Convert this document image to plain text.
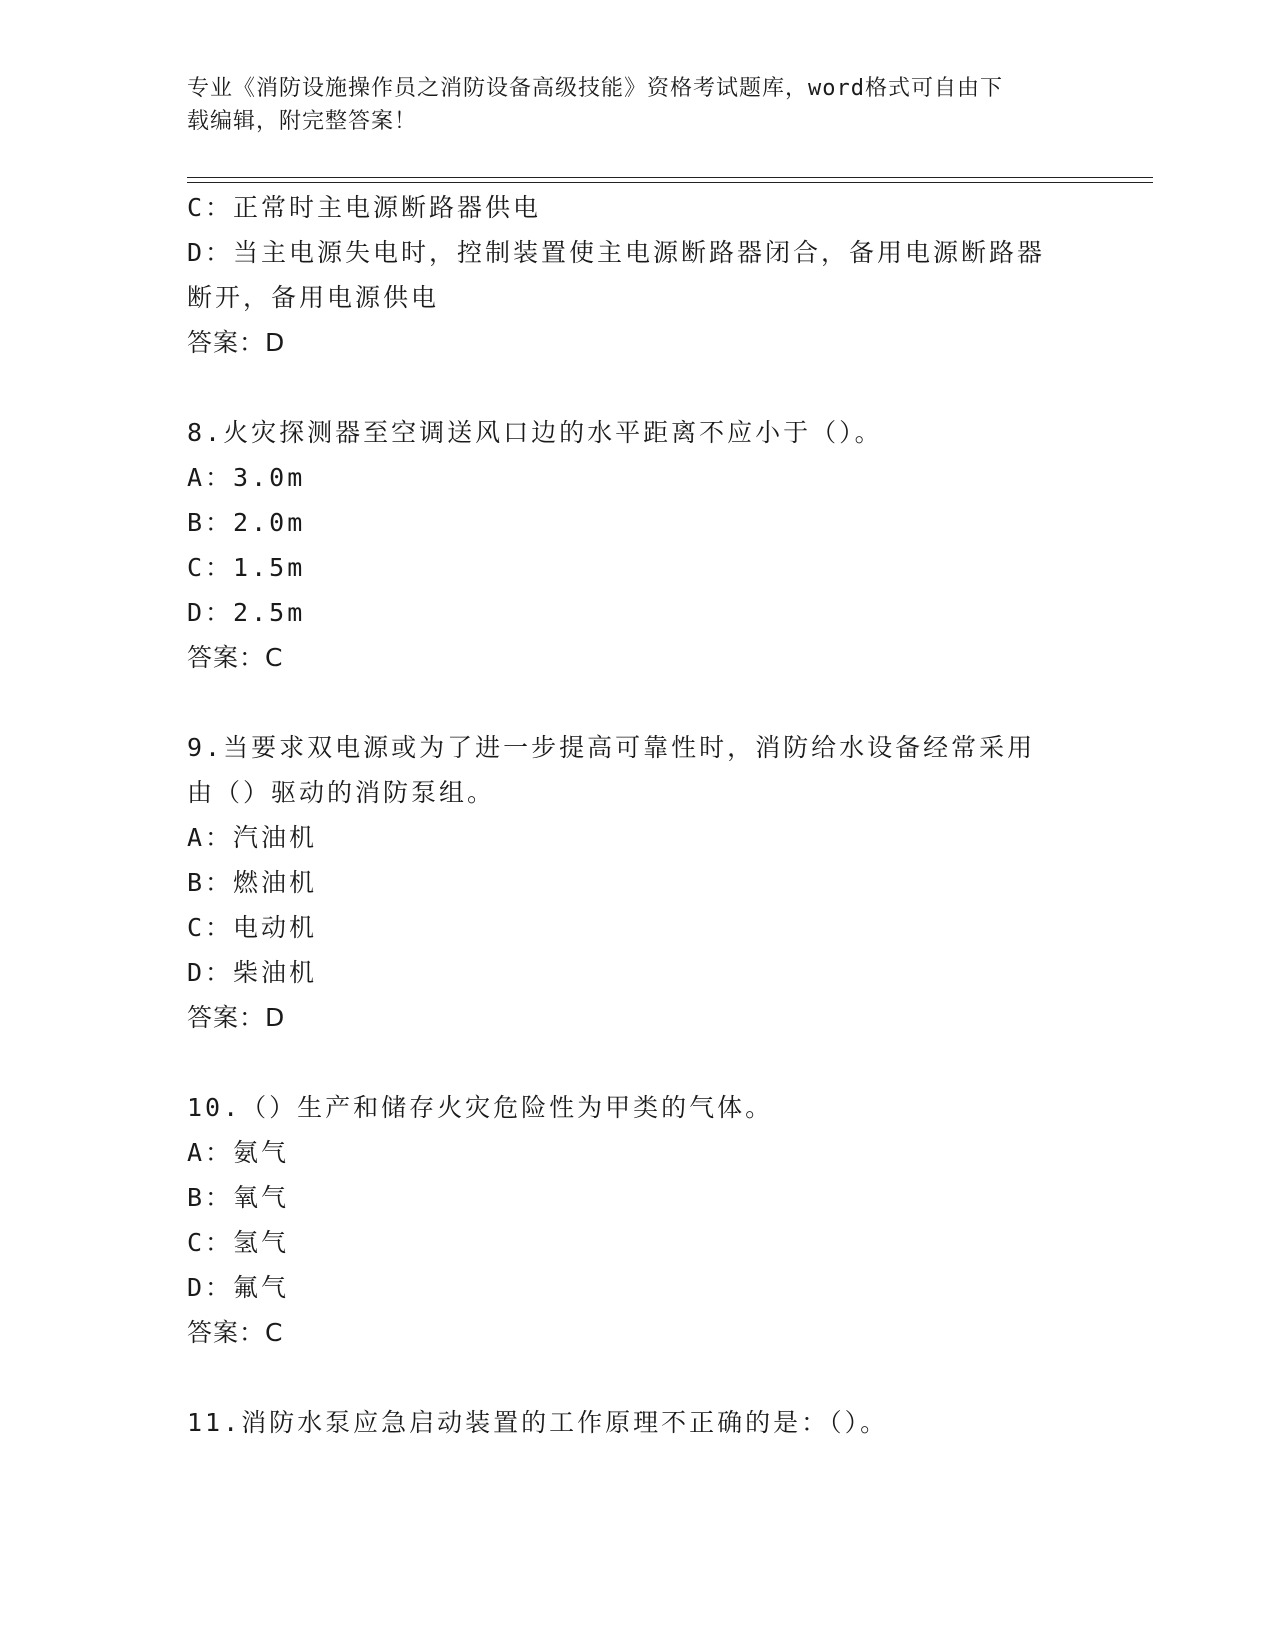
专业《消防设施操作员之消防设备高级技能》资格考试题库，word格式可自由下
载编辑，附完整答案！
C：正常时主电源断路器供电
D：当主电源失电时，控制装置使主电源断路器闭合，备用电源断路器
断开，备用电源供电
答案：D
8.火灾探测器至空调送风口边的水平距离不应小于（）。
A：3.0m
B：2.0m
C：1.5m
D：2.5m
答案：C
9.当要求双电源或为了进一步提高可靠性时，消防给水设备经常采用
由（）驱动的消防泵组。
A：汽油机
B：燃油机
C：电动机
D：柴油机
答案：D
10.（）生产和储存火灾危险性为甲类的气体。
A：氨气
B：氧气
C：氢气
D：氟气
答案：C
11.消防水泵应急启动装置的工作原理不正确的是：（）。
